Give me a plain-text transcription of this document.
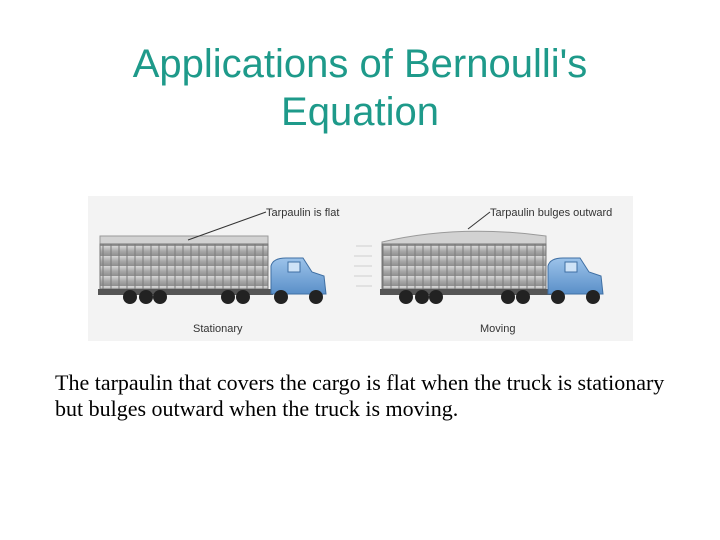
Applications of Bernoulli's
Equation
Tarpaulin is flat
Stationary
Tarpaulin bulges outward
Moving
The tarpaulin that covers the cargo is flat when the truck is stationary but bulges outward when the truck is moving.
